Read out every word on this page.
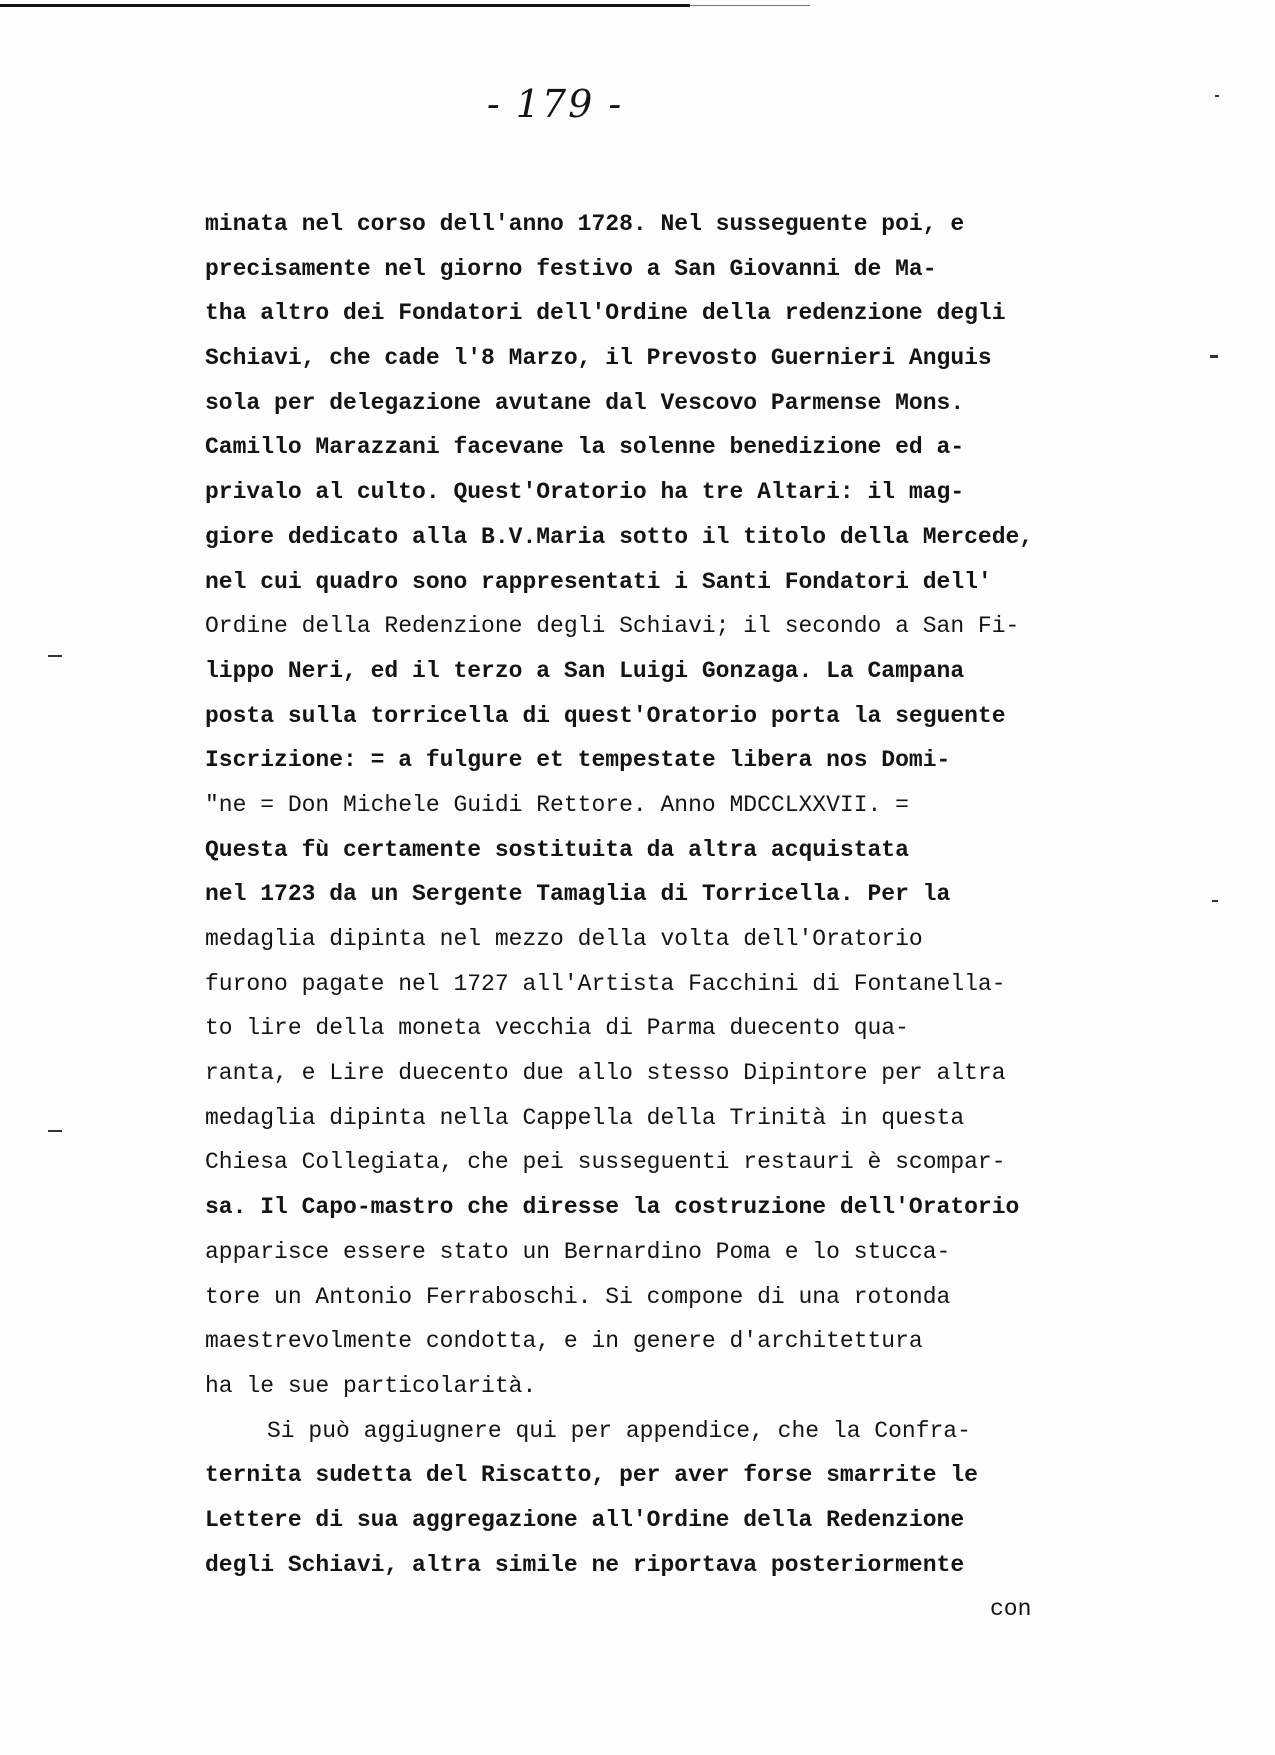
- 179 -
minata nel corso dell'anno 1728. Nel susseguente poi, e
precisamente nel giorno festivo a San Giovanni de Ma-
tha altro dei Fondatori dell'Ordine della redenzione degli
Schiavi, che cade l'8 Marzo, il Prevosto Guernieri Anguis
sola per delegazione avutane dal Vescovo Parmense Mons.
Camillo Marazzani facevane la solenne benedizione ed a-
privalo al culto. Quest'Oratorio ha tre Altari: il mag-
giore dedicato alla B.V.Maria sotto il titolo della Mercede,
nel cui quadro sono rappresentati i Santi Fondatori dell'
Ordine della Redenzione degli Schiavi; il secondo a San Fi-
lippo Neri, ed il terzo a San Luigi Gonzaga. La Campana
posta sulla torricella di quest'Oratorio porta la seguente
Iscrizione: = a fulgure et tempestate libera nos Domi-
"ne = Don Michele Guidi Rettore. Anno MDCCLXXVII. =
Questa fù certamente sostituita da altra acquistata
nel 1723 da un Sergente Tamaglia di Torricella. Per la
medaglia dipinta nel mezzo della volta dell'Oratorio
furono pagate nel 1727 all'Artista Facchini di Fontanella-
to lire della moneta vecchia di Parma duecento qua-
ranta, e Lire duecento due allo stesso Dipintore per altra
medaglia dipinta nella Cappella della Trinità in questa
Chiesa Collegiata, che pei susseguenti restauri è scompar-
sa. Il Capo-mastro che diresse la costruzione dell'Oratorio
apparisce essere stato un Bernardino Poma e lo stucca-
tore un Antonio Ferraboschi. Si compone di una rotonda
maestrevolmente condotta, e in genere d'architettura
ha le sue particolarità.
Si può aggiugnere qui per appendice, che la Confra-
ternita sudetta del Riscatto, per aver forse smarrite le
Lettere di sua aggregazione all'Ordine della Redenzione
degli Schiavi, altra simile ne riportava posteriormente
con
